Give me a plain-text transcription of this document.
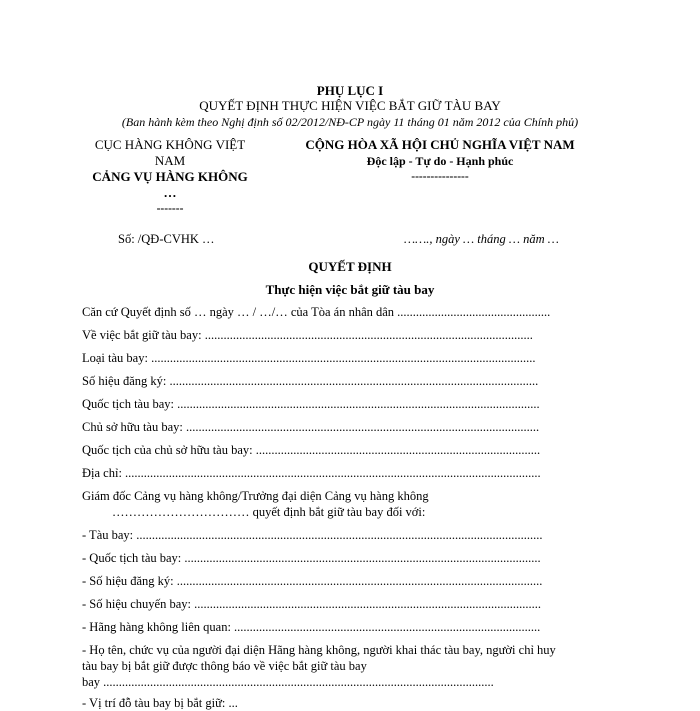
PHỤ LỤC I
QUYẾT ĐỊNH THỰC HIỆN VIỆC BẮT GIỮ TÀU BAY
(Ban hành kèm theo Nghị định số 02/2012/NĐ-CP ngày 11 tháng 01 năm 2012 của Chính phủ)
CỤC HÀNG KHÔNG VIỆT
NAM
CẢNG VỤ HÀNG KHÔNG
…
-------
CỘNG HÒA XÃ HỘI CHỦ NGHĨA VIỆT NAM
Độc lập - Tự do - Hạnh phúc
---------------
Số: /QĐ-CVHK …	……., ngày … tháng … năm …
QUYẾT ĐỊNH
Thực hiện việc bắt giữ tàu bay
Căn cứ Quyết định số … ngày … / …/… của Tòa án nhân dân .................................................
Về việc bắt giữ tàu bay: .........................................................................................................
Loại tàu bay: ...........................................................................................................................
Số hiệu đăng ký: ......................................................................................................................
Quốc tịch tàu bay: ....................................................................................................................
Chủ sở hữu tàu bay: .................................................................................................................
Quốc tịch của chủ sở hữu tàu bay: ...........................................................................................
Địa chỉ: .....................................................................................................................................
Giám đốc Cảng vụ hàng không/Trưởng đại diện Cảng vụ hàng không
…………………………… quyết định bắt giữ tàu bay đối với:
- Tàu bay: ..................................................................................................................................
- Quốc tịch tàu bay: ..................................................................................................................
- Số hiệu đăng ký: .....................................................................................................................
- Số hiệu chuyến bay: ...............................................................................................................
- Hãng hàng không liên quan: ..................................................................................................
- Họ tên, chức vụ của người đại diện Hãng hàng không, người khai thác tàu bay, người chỉ huy
tàu bay bị bắt giữ được thông báo về việc bắt giữ tàu bay
bay .............................................................................................................................
- Vị trí đỗ tàu bay bị bắt giữ: ...
